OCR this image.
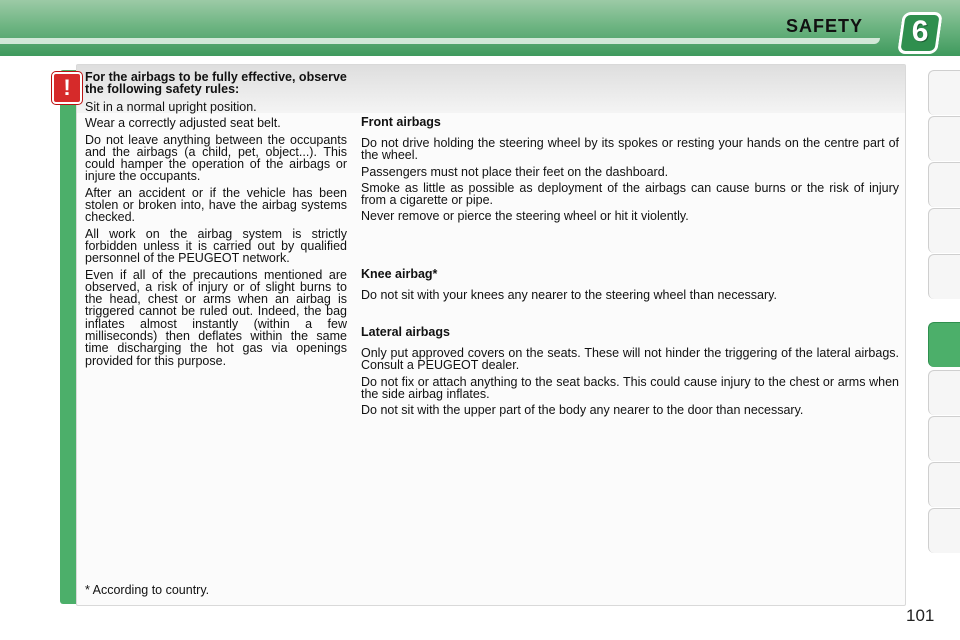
SAFETY	6
For the airbags to be fully effective, observe the following safety rules:

Sit in a normal upright position.

Wear a correctly adjusted seat belt.

Do not leave anything between the occupants and the airbags (a child, pet, object...). This could hamper the operation of the airbags or injure the occupants.

After an accident or if the vehicle has been stolen or broken into, have the airbag systems checked.

All work on the airbag system is strictly forbidden unless it is carried out by qualified personnel of the PEUGEOT network.

Even if all of the precautions mentioned are observed, a risk of injury or of slight burns to the head, chest or arms when an airbag is triggered cannot be ruled out. Indeed, the bag inflates almost instantly (within a few milliseconds) then deflates within the same time discharging the hot gas via openings provided for this purpose.

Front airbags

Do not drive holding the steering wheel by its spokes or resting your hands on the centre part of the wheel.

Passengers must not place their feet on the dashboard.

Smoke as little as possible as deployment of the airbags can cause burns or the risk of injury from a cigarette or pipe.

Never remove or pierce the steering wheel or hit it violently.

Knee airbag*

Do not sit with your knees any nearer to the steering wheel than necessary.

Lateral airbags

Only put approved covers on the seats. These will not hinder the triggering of the lateral airbags. Consult a PEUGEOT dealer.

Do not fix or attach anything to the seat backs. This could cause injury to the chest or arms when the side airbag inflates.

Do not sit with the upper part of the body any nearer to the door than necessary.

* According to country.
!
101
